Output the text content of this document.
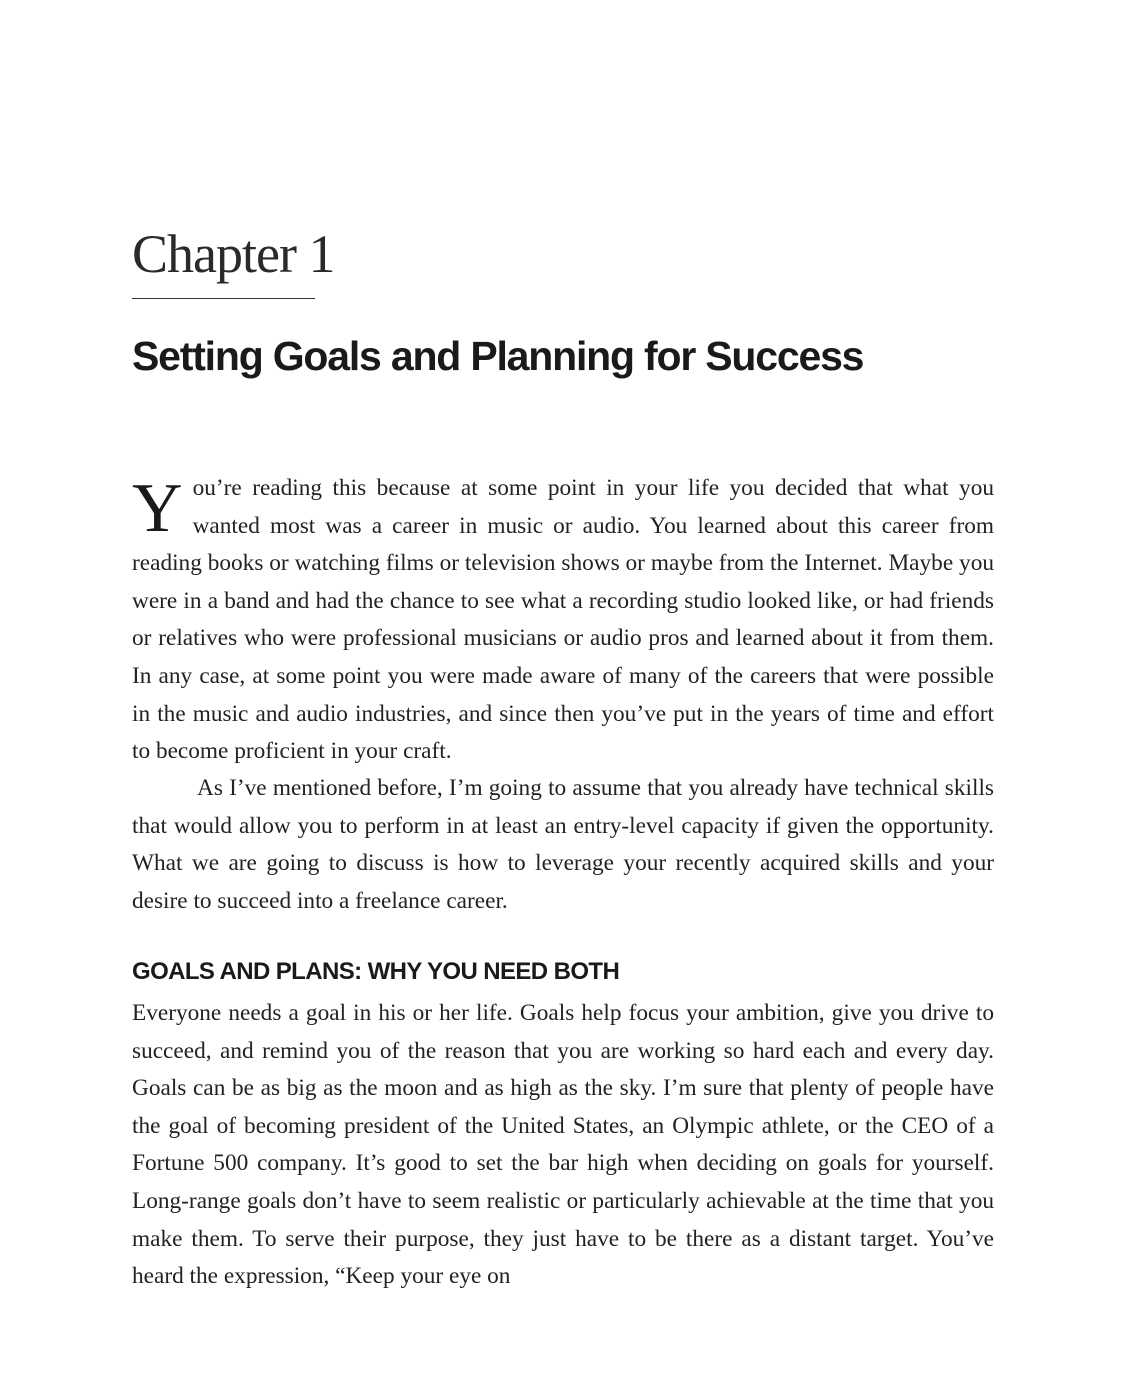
Chapter 1
Setting Goals and Planning for Success

You’re reading this because at some point in your life you decided that what you wanted most was a career in music or audio. You learned about this career from reading books or watching films or television shows or maybe from the Internet. Maybe you were in a band and had the chance to see what a recording studio looked like, or had friends or relatives who were professional musicians or audio pros and learned about it from them. In any case, at some point you were made aware of many of the careers that were possible in the music and audio industries, and since then you’ve put in the years of time and effort to become proficient in your craft.

As I’ve mentioned before, I’m going to assume that you already have technical skills that would allow you to perform in at least an entry-level capacity if given the opportunity. What we are going to discuss is how to leverage your recently acquired skills and your desire to succeed into a freelance career.

GOALS AND PLANS: WHY YOU NEED BOTH

Everyone needs a goal in his or her life. Goals help focus your ambition, give you drive to succeed, and remind you of the reason that you are working so hard each and every day. Goals can be as big as the moon and as high as the sky. I’m sure that plenty of people have the goal of becoming president of the United States, an Olympic athlete, or the CEO of a Fortune 500 company. It’s good to set the bar high when deciding on goals for yourself. Long-range goals don’t have to seem realistic or particularly achievable at the time that you make them. To serve their purpose, they just have to be there as a distant target. You’ve heard the expression, “Keep your eye on
